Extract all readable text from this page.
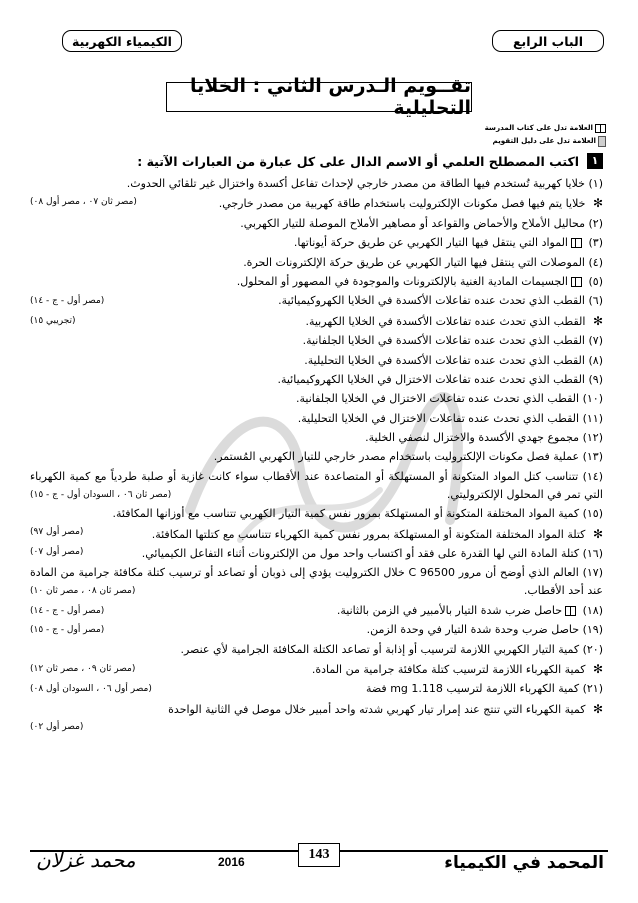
الباب الرابع
الكيمياء الكهربية
تقــويم الـدرس الثاني : الخلايا التحليلية
العلامة تدل على كتاب المدرسة
العلامة تدل على دليل التقويم
١
اكتب المصطلح العلمي أو الاسم الدال على كل عبارة من العبارات الآتية :
(١) خلايا كهربية تُستخدم فيها الطاقة من مصدر خارجي لإحداث تفاعل أكسدة واختزال غير تلقائي الحدوث.
(مصر ثان ٠٧ ، مصر أول ٠٨)	✻ خلايا يتم فيها فصل مكونات الإلكتروليت باستخدام طاقة كهربية من مصدر خارجي.
(٢) محاليل الأملاح والأحماض والقواعد أو مصاهير الأملاح الموصلة للتيار الكهربي.
(٣) المواد التي ينتقل فيها التيار الكهربي عن طريق حركة أيوناتها.
(٤) الموصلات التي ينتقل فيها التيار الكهربي عن طريق حركة الإلكترونات الحرة.
(٥) الجسيمات المادية الغنية بالإلكترونات والموجودة في المصهور أو المحلول.
(٦) القطب الذي تحدث عنده تفاعلات الأكسدة في الخلايا الكهروكيميائية.
(مصر أول - ج - ١٤)
✻ القطب الذي تحدث عنده تفاعلات الأكسدة في الخلايا الكهربية.
(تجريبي ١٥)
(٧) القطب الذي تحدث عنده تفاعلات الأكسدة في الخلايا الجلفانية.
(٨) القطب الذي تحدث عنده تفاعلات الأكسدة في الخلايا التحليلية.
(٩) القطب الذي تحدث عنده تفاعلات الاختزال في الخلايا الكهروكيميائية.
(١٠) القطب الذي تحدث عنده تفاعلات الاختزال في الخلايا الجلفانية.
(١١) القطب الذي تحدث عنده تفاعلات الاختزال في الخلايا التحليلية.
(١٢) مجموع جهدي الأكسدة والاختزال لنصفي الخلية.
(١٣) عملية فصل مكونات الإلكتروليت باستخدام مصدر خارجي للتيار الكهربي المُستمر.
(١٤) تتناسب كتل المواد المتكونة أو المستهلكة أو المتصاعدة عند الأقطاب سواء كانت غازية أو صلبة طردياً مع كمية الكهرباء التي تمر في المحلول الإلكتروليتي.
(مصر ثان ٠٦ ، السودان أول - ج - ١٥)
(١٥) كمية المواد المختلفة المتكونة أو المستهلكة بمرور نفس كمية التيار الكهربي تتناسب مع أوزانها المكافئة.
(مصر أول ٩٧)	✻ كتلة المواد المختلفة المتكونة أو المستهلكة بمرور نفس كمية الكهرباء تتناسب مع كتلتها المكافئة.
(مصر أول ٠٧)	(١٦) كتلة المادة التي لها القدرة على فقد أو اكتساب واحد مول من الإلكترونات أثناء التفاعل الكيميائي.
(١٧) العالم الذي أوضح أن مرور 96500 C خلال الكتروليت يؤدي إلى ذوبان أو تصاعد أو ترسيب كتلة مكافئة جرامية من المادة عند أحد الأقطاب.
(مصر ثان ٠٨ ، مصر ثان ١٠)
(١٨) حاصل ضرب شدة التيار بالأمبير في الزمن بالثانية.
(مصر أول - ج - ١٤)
(١٩) حاصل ضرب وحدة شدة التيار في وحدة الزمن.
(مصر أول - ج - ١٥)
(٢٠) كمية التيار الكهربي اللازمة لترسيب أو إذابة أو تصاعد الكتلة المكافئة الجرامية لأي عنصر.
✻ كمية الكهرباء اللازمة لترسيب كتلة مكافئة جرامية من المادة.
(مصر ثان ٠٩ ، مصر ثان ١٢)
(٢١) كمية الكهرباء اللازمة لترسيب 1.118 mg فضة
(مصر أول ٠٦ ، السودان أول ٠٨)
✻ كمية الكهرباء التي تنتج عند إمرار تيار كهربي شدته واحد أمبير خلال موصل في الثانية الواحدة
(مصر أول ٠٢)
143	المحمد في الكيمياء
2016
محمد غزلان
